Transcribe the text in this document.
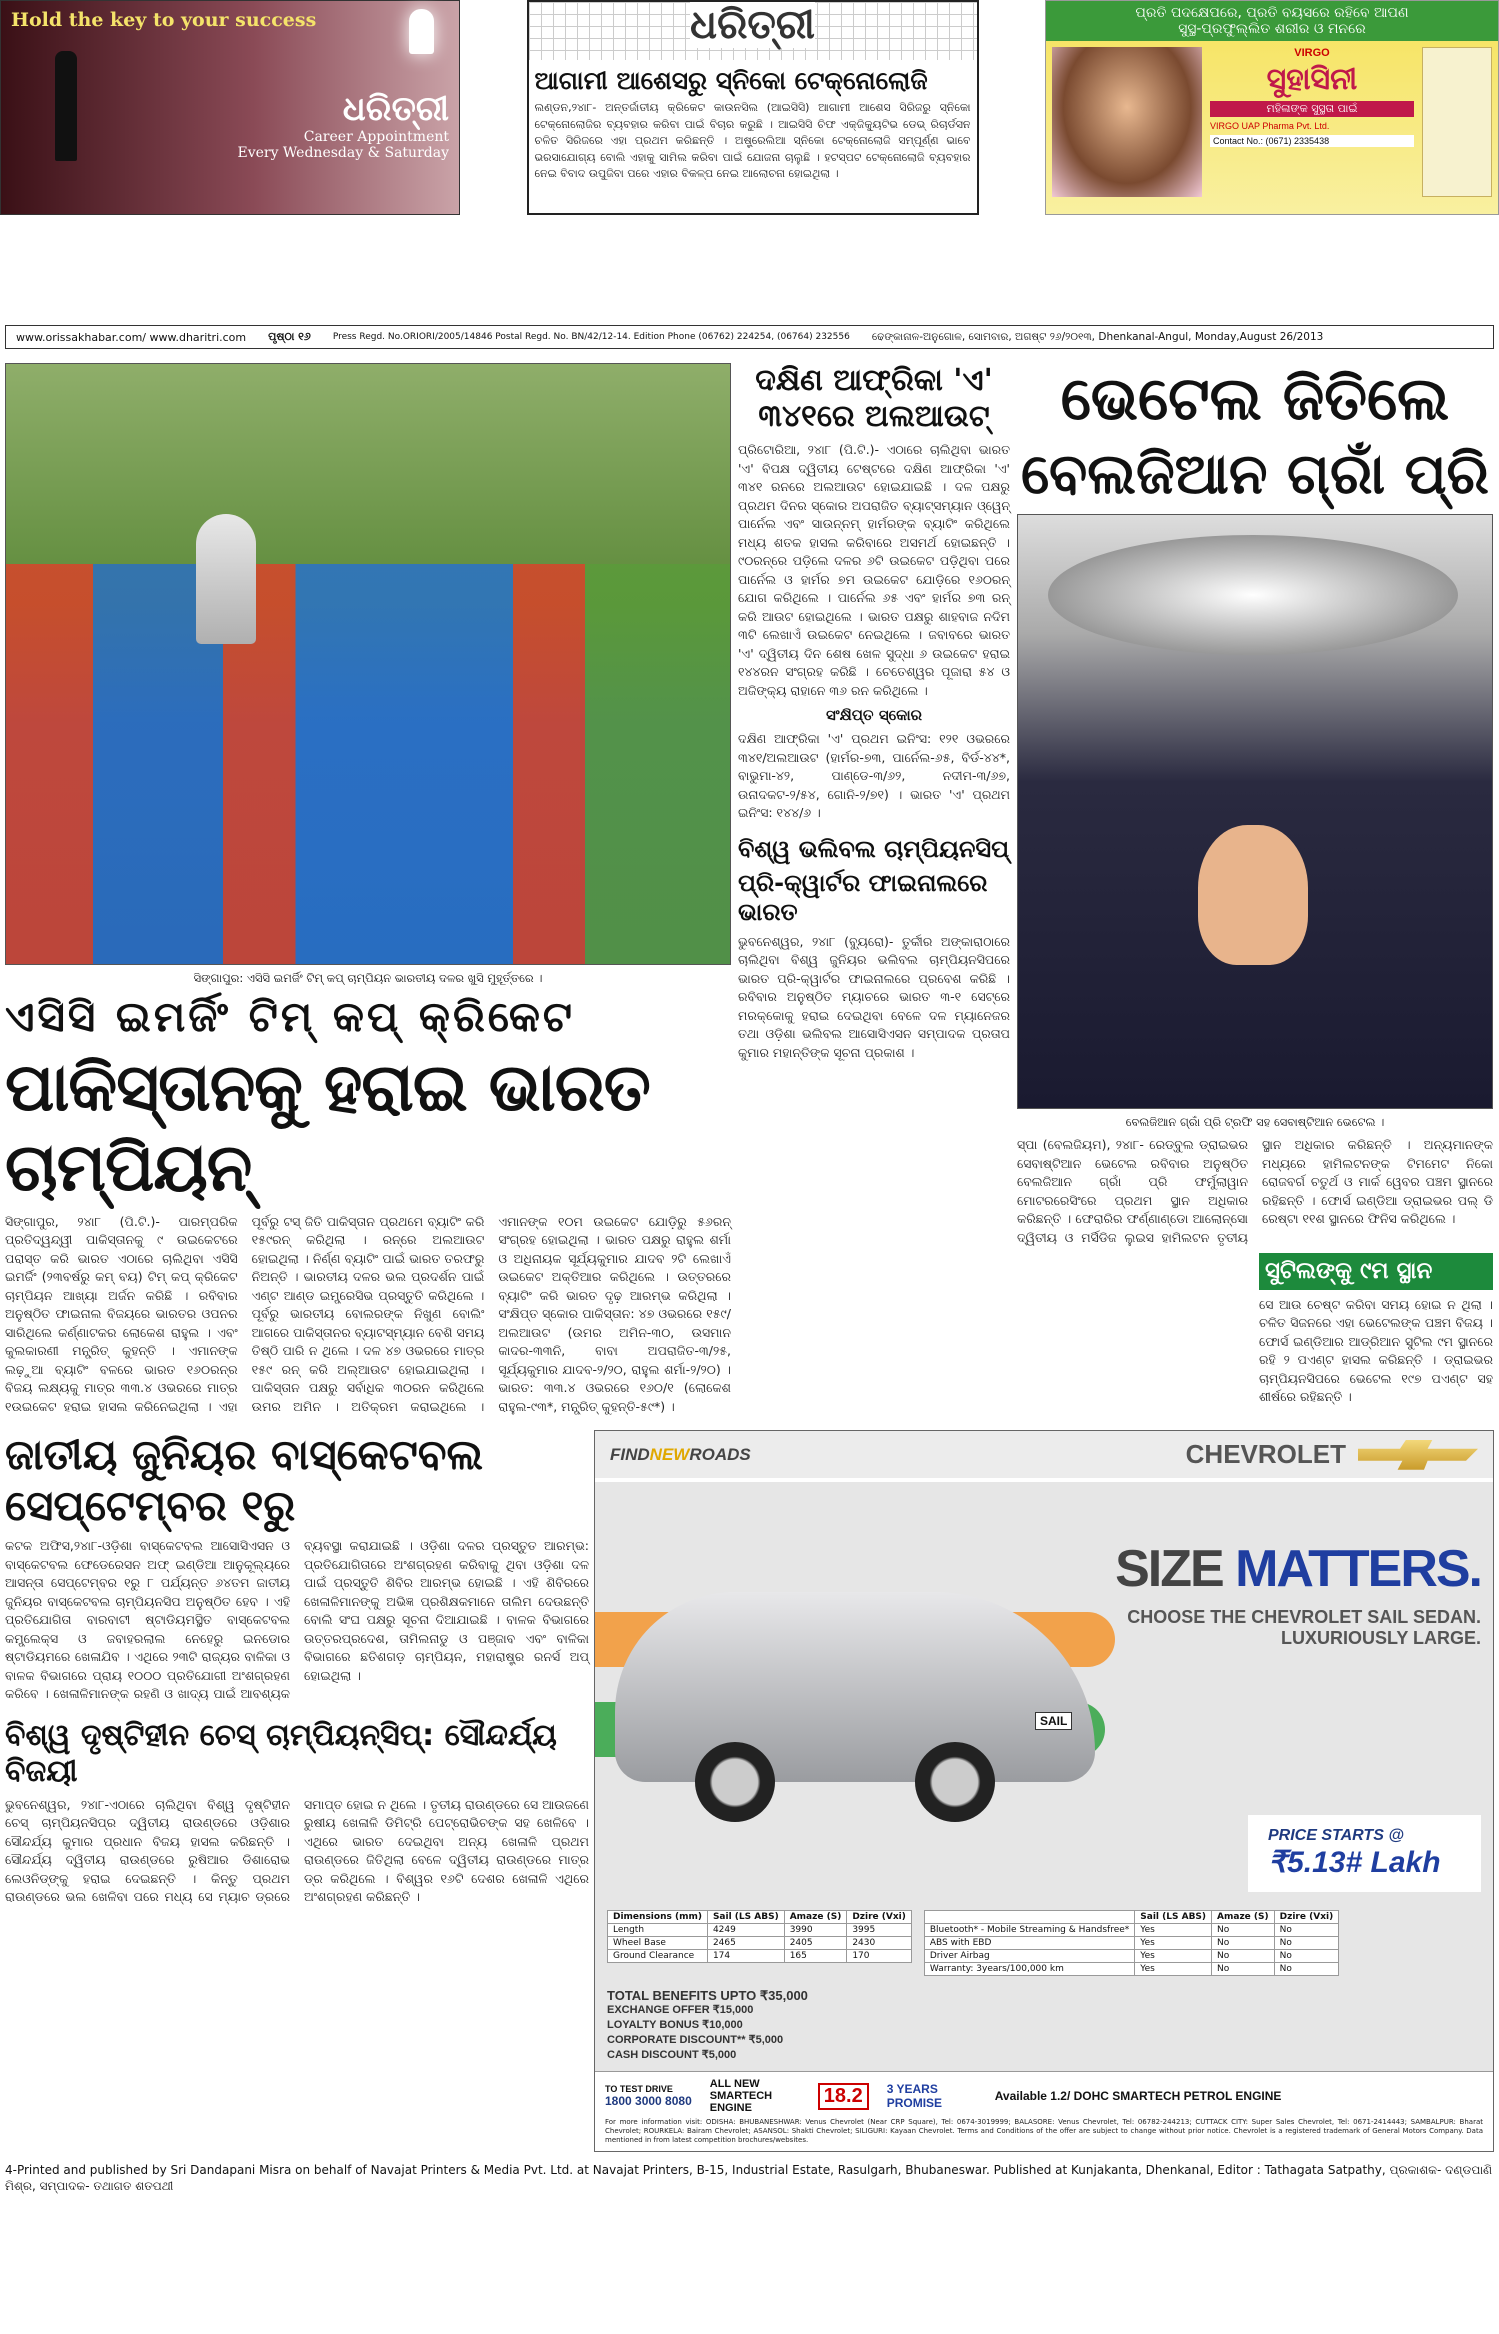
Hold the key to your success
ଧରିତ୍ରୀ
Career Appointment
Every Wednesday & Saturday
ଧରିତ୍ରୀ
ଆଗାମୀ ଆଶେସରୁ ସ୍ନିକୋ ଟେକ୍ନୋଲୋଜି
ଲଣ୍ଡନ,୨୪ା୮- ଅନ୍ତର୍ଜାତୀୟ କ୍ରିକେଟ କାଉନସିଲ (ଆଇସିସି) ଆଗାମୀ ଆଶେସ ସିରିଜରୁ ସ୍ନିକୋ ଟେକ୍ନୋଲୋଜିର ବ୍ୟବହାର କରିବା ପାଇଁ ବିଚାର କରୁଛି । ଆଇସିସି ଚିଫ ଏକ୍ଜିକ୍ୟୁଟିଭ ଡେଭ୍ ରିଚାର୍ଡସନ ଚଳିତ ସିରିଜରେ ଏହା ପ୍ରଥମ କରିଛନ୍ତି । ଅଷ୍ଟ୍ରେଲିଆ ସ୍ନିକୋ ଟେକ୍ନୋଲୋଜି ସମ୍ପୂର୍ଣ୍ଣ ଭାବେ ଭରସାଯୋଗ୍ୟ ବୋଲି ଏହାକୁ ସାମିଲ କରିବା ପାଇଁ ଯୋଜନା ଚାଲୁଛି । ହଟସ୍ପଟ ଟେକ୍ନୋଲୋଜି ବ୍ୟବହାର ନେଇ ବିବାଦ ଉପୁଜିବା ପରେ ଏହାର ବିକଳ୍ପ ନେଇ ଆଲୋଚନା ହୋଇଥିଲା ।
ପ୍ରତି ପଦକ୍ଷେପରେ, ପ୍ରତି ବୟସରେ ରହିବେ ଆପଣ
ସୁସ୍ଥ-ପ୍ରଫୁଲ୍ଲିତ ଶରୀର ଓ ମନରେ
VIRGO
ସୁହାସିନୀ
ମହିଳାଙ୍କ ସୁସ୍ଥତା ପାଇଁ
VIRGO UAP Pharma Pvt. Ltd.
Contact No.: (0671) 2335438
www.orissakhabar.com/ www.dharitri.com ପୃଷ୍ଠା ୧୬ Press Regd. No.ORIORI/2005/14846 Postal Regd. No. BN/42/12-14. Edition Phone (06762) 224254, (06764) 232556 ଢେଙ୍କାନାଳ-ଅନୁଗୋଳ, ସୋମବାର, ଅଗଷ୍ଟ ୨୬/୨୦୧୩, Dhenkanal-Angul, Monday,August 26/2013
ସିଙ୍ଗାପୁର: ଏସିସି ଇମର୍ଜିଂ ଟିମ୍ କପ୍ ଚାମ୍ପିୟନ ଭାରତୀୟ ଦଳର ଖୁସି ମୁହୂର୍ତ୍ତରେ ।
ଏସିସି ଇମର୍ଜିଂ ଟିମ୍ କପ୍ କ୍ରିକେଟ
ପାକିସ୍ତାନକୁ ହରାଇ ଭାରତ ଚାମ୍ପିୟନ୍
ସିଙ୍ଗାପୁର, ୨୪ା୮ (ପି.ଟି.)- ପାରମ୍ପରିକ ପ୍ରତିଦ୍ୱନ୍ଦ୍ୱୀ ପାକିସ୍ତାନକୁ ୯ ଉଇକେଟରେ ପରାସ୍ତ କରି ଭାରତ ଏଠାରେ ଚାଲିଥିବା ଏସିସି ଇମର୍ଜିଂ (୨୩ବର୍ଷରୁ କମ୍ ବୟ) ଟିମ୍ କପ୍ କ୍ରିକେଟ ଚାମ୍ପିୟନ ଆଖ୍ୟା ଅର୍ଜନ କରିଛି । ରବିବାର ଅନୁଷ୍ଠିତ ଫାଇନାଲ ବିଜୟରେ ଭାରତର ଓପନର ସାରିଥିଲେ କର୍ଣ୍ଣାଟକର ଲୋକେଶ ରାହୁଲ । ଏବଂ କୁଲକାରଣୀ ମନ୍ପ୍ରିତ୍ କୁହନ୍ତି । ଏମାନଙ୍କ ଲଢ଼ୁଆ ବ୍ୟାଟିଂ ବଳରେ ଭାରତ ୧୬୦ରନ୍ର ବିଜୟ ଲକ୍ଷ୍ୟକୁ ମାତ୍ର ୩୩.୪ ଓଭରରେ ମାତ୍ର ୧ଉଇକେଟ ହରାଇ ହାସଲ କରିନେଇଥିଲା । ଏହା ପୂର୍ବରୁ ଟସ୍ ଜିତି ପାକିସ୍ତାନ ପ୍ରଥମେ ବ୍ୟାଟିଂ କରି ୧୫୯ରନ୍ କରିଥିଲା । ରନ୍ରେ ଅଲଆଉଟ ହୋଇଥିଲା । ନିର୍ଣ୍ଣ ବ୍ୟାଟିଂ ପାଇଁ ଭାରତ ତରଫରୁ ନିଅନ୍ତି । ଭାରତୀୟ ଦଳର ଭଲ ପ୍ରଦର୍ଶନ ପାଇଁ ଏଣ୍ଟ ଆଣ୍ଡ ଇମ୍ପ୍ରେସିଭ ପ୍ରସ୍ତୁତି କରିଥିଲେ । ପୂର୍ବରୁ ଭାରତୀୟ ବୋଲରଙ୍କ ନିଖୁଣ ବୋଲିଂ ଆଗରେ ପାକିସ୍ତାନର ବ୍ୟାଟସ୍ମ୍ୟାନ ବେଶି ସମୟ ତିଷ୍ଠି ପାରି ନ ଥିଲେ । ଦଳ ୪୭ ଓଭରରେ ମାତ୍ର ୧୫୯ ରନ୍ କରି ଅଲ୍ଆଉଟ ହୋଇଯାଇଥିଲା । ପାକିସ୍ତାନ ପକ୍ଷରୁ ସର୍ବାଧିକ ୩୦ରନ କରିଥିଲେ ଉମର ଅମିନ । ଅତିକ୍ରମ କରାଇଥିଲେ । ଏମାନଙ୍କ ୧୦ମ ଉଇକେଟ ଯୋଡ଼ିରୁ ୫୬ରନ୍ ସଂଗ୍ରହ ହୋଇଥିଲା । ଭାରତ ପକ୍ଷରୁ ରାହୁଲ ଶର୍ମା ଓ ଅଧିନାୟକ ସୂର୍ଯ୍ୟକୁମାର ଯାଦବ ୨ଟି ଲେଖାଏଁ ଉଇକେଟ ଅକ୍ତିଆର କରିଥିଲେ । ଉତ୍ତରରେ ବ୍ୟାଟିଂ କରି ଭାରତ ଦୃଢ଼ ଆରମ୍ଭ କରିଥିଲା । ସଂକ୍ଷିପ୍ତ ସ୍କୋର ପାକିସ୍ତାନ: ୪୭ ଓଭରରେ ୧୫୯/ଅଲଆଉଟ (ଉମର ଅମିନ-୩୦, ଉସମାନ କାଦର-୩୩ନି, ବାବା ଅପରାଜିତ-୩/୨୫, ସୂର୍ଯ୍ୟକୁମାର ଯାଦବ-୨/୨୦, ରାହୁଲ ଶର୍ମା-୨/୨୦) । ଭାରତ: ୩୩.୪ ଓଭରରେ ୧୬୦/୧ (ଲୋକେଶ ରାହୁଲ-୯୩*, ମନ୍ପ୍ରିତ୍ କୁହନ୍ତି-୫୯*) ।
ଦକ୍ଷିଣ ଆଫ୍ରିକା 'ଏ'
୩୪୧ରେ ଅଲଆଉଟ୍
ପ୍ରିଟୋରିଆ, ୨୪ା୮ (ପି.ଟି.)- ଏଠାରେ ଚାଲିଥିବା ଭାରତ 'ଏ' ବିପକ୍ଷ ଦ୍ୱିତୀୟ ଟେଷ୍ଟରେ ଦକ୍ଷିଣ ଆଫ୍ରିକା 'ଏ' ୩୪୧ ରନରେ ଅଲଆଉଟ ହୋଇଯାଇଛି । ଦଳ ପକ୍ଷରୁ ପ୍ରଥମ ଦିନର ସ୍କୋର ଅପରାଜିତ ବ୍ୟାଟ୍ସମ୍ୟାନ ଓ୍ୱେନ୍ ପାର୍ନେଲ ଏବଂ ସାଉନ୍ନମ୍ ହାର୍ମରଙ୍କ ବ୍ୟାଟିଂ କରିଥିଲେ ମଧ୍ୟ ଶତକ ହାସଲ କରିବାରେ ଅସମର୍ଥ ହୋଇଛନ୍ତି । ୯୦ରନ୍ରେ ପଡ଼ିଲେ ଦଳର ୬ଟି ଉଇକେଟ ପଡ଼ିଥିବା ପରେ ପାର୍ନେଲ ଓ ହାର୍ମର ୭ମ ଉଇକେଟ ଯୋଡ଼ିରେ ୧୬୦ରନ୍ ଯୋଗ କରିଥିଲେ । ପାର୍ନେଲ ୬୫ ଏବଂ ହାର୍ମର ୭୩ ରନ୍ କରି ଆଉଟ ହୋଇଥିଲେ । ଭାରତ ପକ୍ଷରୁ ଶାହବାଜ ନଦିମ ୩ଟି ଲେଖାଏଁ ଉଇକେଟ ନେଇଥିଲେ । ଜବାବରେ ଭାରତ 'ଏ' ଦ୍ୱିତୀୟ ଦିନ ଶେଷ ଖେଳ ସୁଦ୍ଧା ୬ ଉଇକେଟ ହରାଇ ୧୪୪ରନ ସଂଗ୍ରହ କରିଛି । ଚେତେଶ୍ୱର ପୂଜାରା ୫୪ ଓ ଅଜିଙ୍କ୍ୟ ରାହାନେ ୩୬ ରନ କରିଥିଲେ ।
ସଂକ୍ଷିପ୍ତ ସ୍କୋର
ଦକ୍ଷିଣ ଆଫ୍ରିକା 'ଏ' ପ୍ରଥମ ଇନିଂସ: ୧୨୧ ଓଭରରେ ୩୪୧/ଅଲଆଉଟ (ହାର୍ମର-୭୩, ପାର୍ନେଲ-୬୫, ବିର୍ଡ-୪୪*, ବାଭୁମା-୪୨, ପାଣ୍ଡେ-୩/୬୨, ନଦୀମ-୩/୬୭, ଉନାଦକଟ-୨/୫୪, ଗୋନି-୨/୭୧) । ଭାରତ 'ଏ' ପ୍ରଥମ ଇନିଂସ: ୧୪୪/୬ ।
ବିଶ୍ୱ ଭଲିବଲ ଚାମ୍ପିୟନସିପ୍
ପ୍ରି-କ୍ୱାର୍ଟର ଫାଇନାଲରେ ଭାରତ
ଭୁବନେଶ୍ୱର, ୨୪ା୮ (ବ୍ୟୁରୋ)- ତୁର୍କୀର ଅଙ୍କାରାଠାରେ ଚାଲିଥିବା ବିଶ୍ୱ ଜୁନିୟର ଭଲିବଲ ଚାମ୍ପିୟନସିପରେ ଭାରତ ପ୍ରି-କ୍ୱାର୍ଟର ଫାଇନାଲରେ ପ୍ରବେଶ କରିଛି । ରବିବାର ଅନୁଷ୍ଠିତ ମ୍ୟାଚରେ ଭାରତ ୩-୧ ସେଟ୍ରେ ମରକ୍କୋକୁ ହରାଇ ଦେଇଥିବା ବେଳେ ଦଳ ମ୍ୟାନେଜର ତଥା ଓଡ଼ିଶା ଭଲିବଲ ଆସୋସିଏସନ ସମ୍ପାଦକ ପ୍ରତାପ କୁମାର ମହାନ୍ତିଙ୍କ ସୂଚନା ପ୍ରକାଶ ।
ଭେଟେଲ ଜିତିଲେ
ବେଲଜିଆନ ଗ୍ରାଁ ପ୍ରି
ବେଲଜିଆନ ଗ୍ରାଁ ପ୍ରି ଟ୍ରଫି ସହ ସେବାଷ୍ଟିଆନ ଭେଟେଲ ।
ସ୍ପା (ବେଲଜିୟମ), ୨୪ା୮- ରେଡ୍ବୁଲ ଡ୍ରାଇଭର ସେବାଷ୍ଟିଆନ ଭେଟେଲ ରବିବାର ଅନୁଷ୍ଠିତ ବେଲଜିଆନ ଗ୍ରାଁ ପ୍ରି ଫର୍ମୁଲାୱାନ ମୋଟରରେସିଂରେ ପ୍ରଥମ ସ୍ଥାନ ଅଧିକାର କରିଛନ୍ତି । ଫେରାରିର ଫର୍ଣ୍ଣାଣ୍ଡୋ ଆଲୋନ୍ସୋ ଦ୍ୱିତୀୟ ଓ ମର୍ସିଡିଜ ଲୁଇସ ହାମିଲଟନ ତୃତୀୟ ସ୍ଥାନ ଅଧିକାର କରିଛନ୍ତି । ଅନ୍ୟମାନଙ୍କ ମଧ୍ୟରେ ହାମିଲଟନଙ୍କ ଟିମମେଟ ନିକୋ ରୋଜବର୍ଗ ଚତୁର୍ଥ ଓ ମାର୍କ ୱେବର ପଞ୍ଚମ ସ୍ଥାନରେ ରହିଛନ୍ତି । ଫୋର୍ସ ଇଣ୍ଡିଆ ଡ୍ରାଇଭର ପଲ୍ ଡି ରେଷ୍ଟା ୧୧ଶ ସ୍ଥାନରେ ଫିନିସ କରିଥିଲେ ।
ସୁଟିଲଙ୍କୁ ୯ମ ସ୍ଥାନ
ସେ ଆଉ ଚେଷ୍ଟ କରିବା ସମୟ ହୋଇ ନ ଥିଲା । ଚଳିତ ସିଜନରେ ଏହା ଭେଟେଲଙ୍କ ପଞ୍ଚମ ବିଜୟ । ଫୋର୍ସ ଇଣ୍ଡିଆର ଆଡ୍ରିଆନ ସୁଟିଲ ୯ମ ସ୍ଥାନରେ ରହି ୨ ପଏଣ୍ଟ ହାସଲ କରିଛନ୍ତି । ଡ୍ରାଇଭର ଚାମ୍ପିୟନସିପରେ ଭେଟେଲ ୧୯୭ ପଏଣ୍ଟ ସହ ଶୀର୍ଷରେ ରହିଛନ୍ତି ।
ଜାତୀୟ ଜୁନିୟର ବାସ୍କେଟବଲ ସେପ୍ଟେମ୍ବର ୧ରୁ
କଟକ ଅଫିସ,୨୪ା୮-ଓଡ଼ିଶା ବାସ୍କେଟବଲ ଆସୋସିଏସନ ଓ ବାସ୍କେଟବଲ ଫେଡେରେସନ ଅଫ୍ ଇଣ୍ଡିଆ ଆନୁକୂଲ୍ୟରେ ଆସନ୍ତା ସେପ୍ଟେମ୍ବର ୧ରୁ ୮ ପର୍ଯ୍ୟନ୍ତ ୬୪ତମ ଜାତୀୟ ଜୁନିୟର ବାସ୍କେଟବଲ ଚାମ୍ପିୟନସିପ ଅନୁଷ୍ଠିତ ହେବ । ଏହି ପ୍ରତିଯୋଗିତା ବାରବାଟୀ ଷ୍ଟାଡିୟମସ୍ଥିତ ବାସ୍କେଟବଲ କମ୍ପ୍ଲେକ୍ସ ଓ ଜବାହରଲାଲ ନେହେରୁ ଇନଡୋର ଷ୍ଟାଡିୟମରେ ଖେଳାଯିବ । ଏଥିରେ ୨୩ଟି ରାଜ୍ୟର ବାଳିକା ଓ ବାଳକ ବିଭାଗରେ ପ୍ରାୟ ୧୦୦୦ ପ୍ରତିଯୋଗୀ ଅଂଶଗ୍ରହଣ କରିବେ । ଖେଳାଳିମାନଙ୍କ ରହଣି ଓ ଖାଦ୍ୟ ପାଇଁ ଆବଶ୍ୟକ ବ୍ୟବସ୍ଥା କରାଯାଇଛି । ଓଡ଼ିଶା ଦଳର ପ୍ରସ୍ତୁତ ଆରମ୍ଭ: ପ୍ରତିଯୋଗିତାରେ ଅଂଶଗ୍ରହଣ କରିବାକୁ ଥିବା ଓଡ଼ିଶା ଦଳ ପାଇଁ ପ୍ରସ୍ତୁତି ଶିବିର ଆରମ୍ଭ ହୋଇଛି । ଏହି ଶିବିରରେ ଖେଳାଳିମାନଙ୍କୁ ଅଭିଜ୍ଞ ପ୍ରଶିକ୍ଷକମାନେ ତାଲିମ ଦେଉଛନ୍ତି ବୋଲି ସଂଘ ପକ୍ଷରୁ ସୂଚନା ଦିଆଯାଇଛି । ବାଳକ ବିଭାଗରେ ଉତ୍ତରପ୍ରଦେଶ, ତାମିଲନାଡୁ ଓ ପଞ୍ଜାବ ଏବଂ ବାଳିକା ବିଭାଗରେ ଛତିଶଗଡ଼ ଚାମ୍ପିୟନ, ମହାରାଷ୍ଟ୍ର ରନର୍ସ ଅପ୍ ହୋଇଥିଲା ।
ବିଶ୍ୱ ଦୃଷ୍ଟିହୀନ ଚେସ୍ ଚାମ୍ପିୟନ୍ସିପ୍: ସୌନ୍ଦର୍ଯ୍ୟ ବିଜୟୀ
ଭୁବନେଶ୍ୱର, ୨୪ା୮-ଏଠାରେ ଚାଲିଥିବା ବିଶ୍ୱ ଦୃଷ୍ଟିହୀନ ଚେସ୍ ଚାମ୍ପିୟନସିପ୍ର ଦ୍ୱିତୀୟ ରାଉଣ୍ଡରେ ଓଡ଼ିଶାର ସୌନ୍ଦର୍ଯ୍ୟ କୁମାର ପ୍ରଧାନ ବିଜୟ ହାସଲ କରିଛନ୍ତି । ସୌନ୍ଦର୍ଯ୍ୟ ଦ୍ୱିତୀୟ ରାଉଣ୍ଡରେ ରୁଷିଆର ଡିଶାରୋଭ ଲେଓନିଡ୍ଙ୍କୁ ହରାଇ ଦେଇଛନ୍ତି । କିନ୍ତୁ ପ୍ରଥମ ରାଉଣ୍ଡରେ ଭଲ ଖେଳିବା ପରେ ମଧ୍ୟ ସେ ମ୍ୟାଚ ଡ୍ରରେ ସମାପ୍ତ ହୋଇ ନ ଥିଲେ । ତୃତୀୟ ରାଉଣ୍ଡରେ ସେ ଆଉଜଣେ ରୁଷୀୟ ଖେଳାଳି ଡିମିଟ୍ରି ପେଟ୍ରୋଭିଚଙ୍କ ସହ ଖେଳିବେ । ଏଥିରେ ଭାରତ ଦେଇଥିବା ଅନ୍ୟ ଖେଳାଳି ପ୍ରଥମ ରାଉଣ୍ଡରେ ଜିତିଥିଲା ବେଳେ ଦ୍ୱିତୀୟ ରାଉଣ୍ଡରେ ମାତ୍ର ଡ୍ର କରିଥିଲେ । ବିଶ୍ୱର ୧୬ଟି ଦେଶର ଖେଳାଳି ଏଥିରେ ଅଂଶଗ୍ରହଣ କରିଛନ୍ତି ।
FINDNEWROADS	CHEVROLET
SAIL
SIZE MATTERS.
CHOOSE THE CHEVROLET SAIL SEDAN.
LUXURIOUSLY LARGE.
PRICE STARTS @
₹5.13# Lakh
Dimensions (mm)	Sail (LS ABS)	Amaze (S)	Dzire (Vxi)
Length	4249	3990	3995
Wheel Base	2465	2405	2430
Ground Clearance	174	165	170
	Sail (LS ABS)	Amaze (S)	Dzire (Vxi)
Bluetooth* - Mobile Streaming & Handsfree*	Yes	No	No
ABS with EBD	Yes	No	No
Driver Airbag	Yes	No	No
Warranty: 3years/100,000 km	Yes	No	No
TOTAL BENEFITS UPTO ₹35,000
EXCHANGE OFFER ₹15,000
LOYALTY BONUS ₹10,000
CORPORATE DISCOUNT** ₹5,000
CASH DISCOUNT ₹5,000
TO TEST DRIVE
1800 3000 8080
ALL NEW SMARTECH ENGINE
18.2	3 YEARS PROMISE	Available 1.2/ DOHC SMARTECH PETROL ENGINE
For more information visit: ODISHA: BHUBANESHWAR: Venus Chevrolet (Near CRP Square), Tel: 0674-3019999; BALASORE: Venus Chevrolet, Tel: 06782-244213; CUTTACK CITY: Super Sales Chevrolet, Tel: 0671-2414443; SAMBALPUR: Bharat Chevrolet; ROURKELA: Bairam Chevrolet; ASANSOL: Shakti Chevrolet; SILIGURI: Kayaan Chevrolet. Terms and Conditions of the offer are subject to change without prior notice. Chevrolet is a registered trademark of General Motors Company. Data mentioned in from latest competition brochures/websites.
4-Printed and published by Sri Dandapani Misra on behalf of Navajat Printers & Media Pvt. Ltd. at Navajat Printers, B-15, Industrial Estate, Rasulgarh, Bhubaneswar. Published at Kunjakanta, Dhenkanal, Editor : Tathagata Satpathy, ପ୍ରକାଶକ- ଦଣ୍ଡପାଣି ମିଶ୍ର, ସମ୍ପାଦକ- ତଥାଗତ ଶତପଥୀ
